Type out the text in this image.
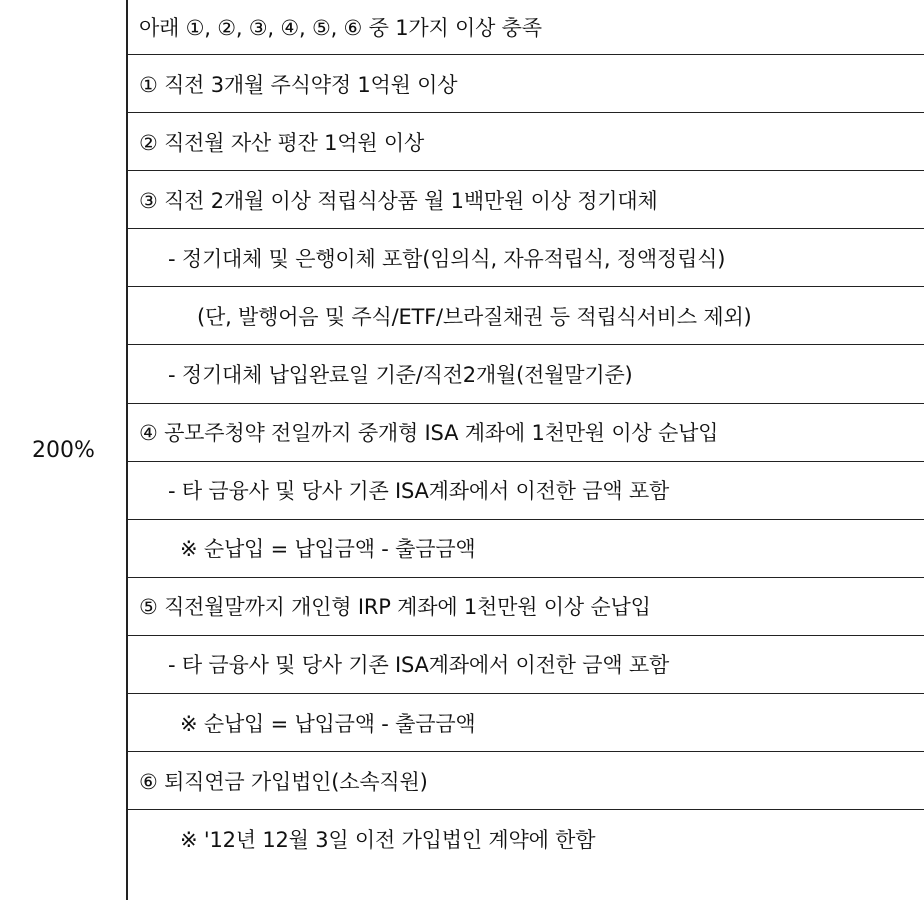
200%
아래 ①, ②, ③, ④, ⑤, ⑥ 중 1가지 이상 충족
① 직전 3개월 주식약정 1억원 이상
② 직전월 자산 평잔 1억원 이상
③ 직전 2개월 이상 적립식상품 월 1백만원 이상 정기대체
- 정기대체 및 은행이체 포함(임의식, 자유적립식, 정액정립식)
(단, 발행어음 및 주식/ETF/브라질채권 등 적립식서비스 제외)
- 정기대체 납입완료일 기준/직전2개월(전월말기준)
④ 공모주청약 전일까지 중개형 ISA 계좌에 1천만원 이상 순납입
- 타 금융사 및 당사 기존 ISA계좌에서 이전한 금액 포함
※ 순납입 = 납입금액 - 출금금액
⑤ 직전월말까지 개인형 IRP 계좌에 1천만원 이상 순납입
- 타 금융사 및 당사 기존 ISA계좌에서 이전한 금액 포함
※ 순납입 = 납입금액 - 출금금액
⑥ 퇴직연금 가입법인(소속직원)
※ '12년 12월 3일 이전 가입법인 계약에 한함
